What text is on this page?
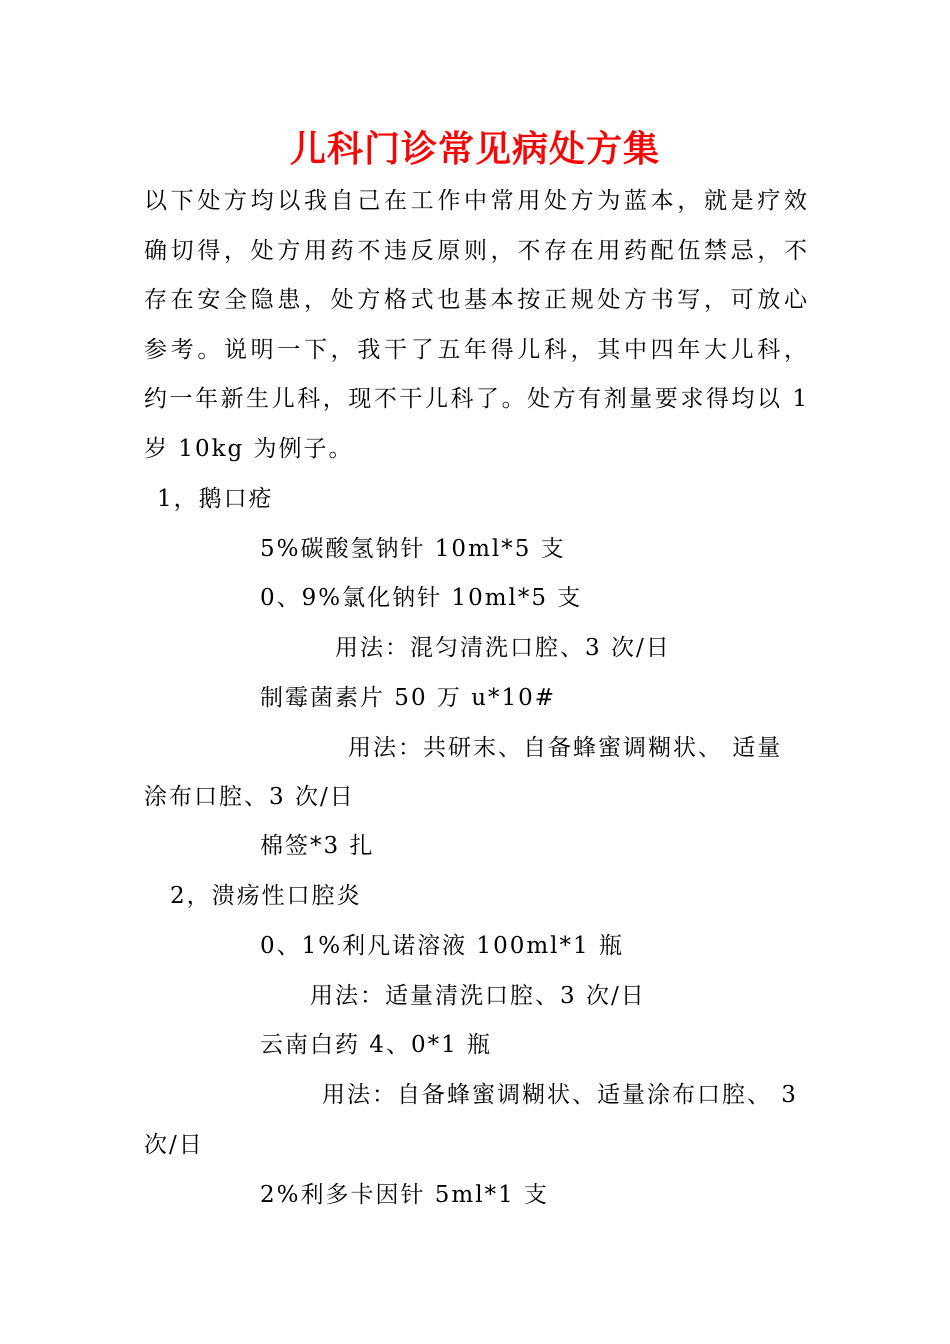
儿科门诊常见病处方集
以下处方均以我自己在工作中常用处方为蓝本，就是疗效
确切得，处方用药不违反原则，不存在用药配伍禁忌，不
存在安全隐患，处方格式也基本按正规处方书写，可放心
参考。说明一下，我干了五年得儿科，其中四年大儿科，
约一年新生儿科，现不干儿科了。处方有剂量要求得均以 1
岁 10kg 为例子。
1，鹅口疮
5%碳酸氢钠针 10ml*5 支
0、9%氯化钠针 10ml*5 支
用法：混匀清洗口腔、3 次/日
制霉菌素片 50 万 u*10#
用法：共研末、自备蜂蜜调糊状、 适量
涂布口腔、3 次/日
棉签*3 扎
2，溃疡性口腔炎
0、1%利凡诺溶液 100ml*1 瓶
用法：适量清洗口腔、3 次/日
云南白药 4、0*1 瓶
用法：自备蜂蜜调糊状、适量涂布口腔、 3
次/日
2%利多卡因针 5ml*1 支
